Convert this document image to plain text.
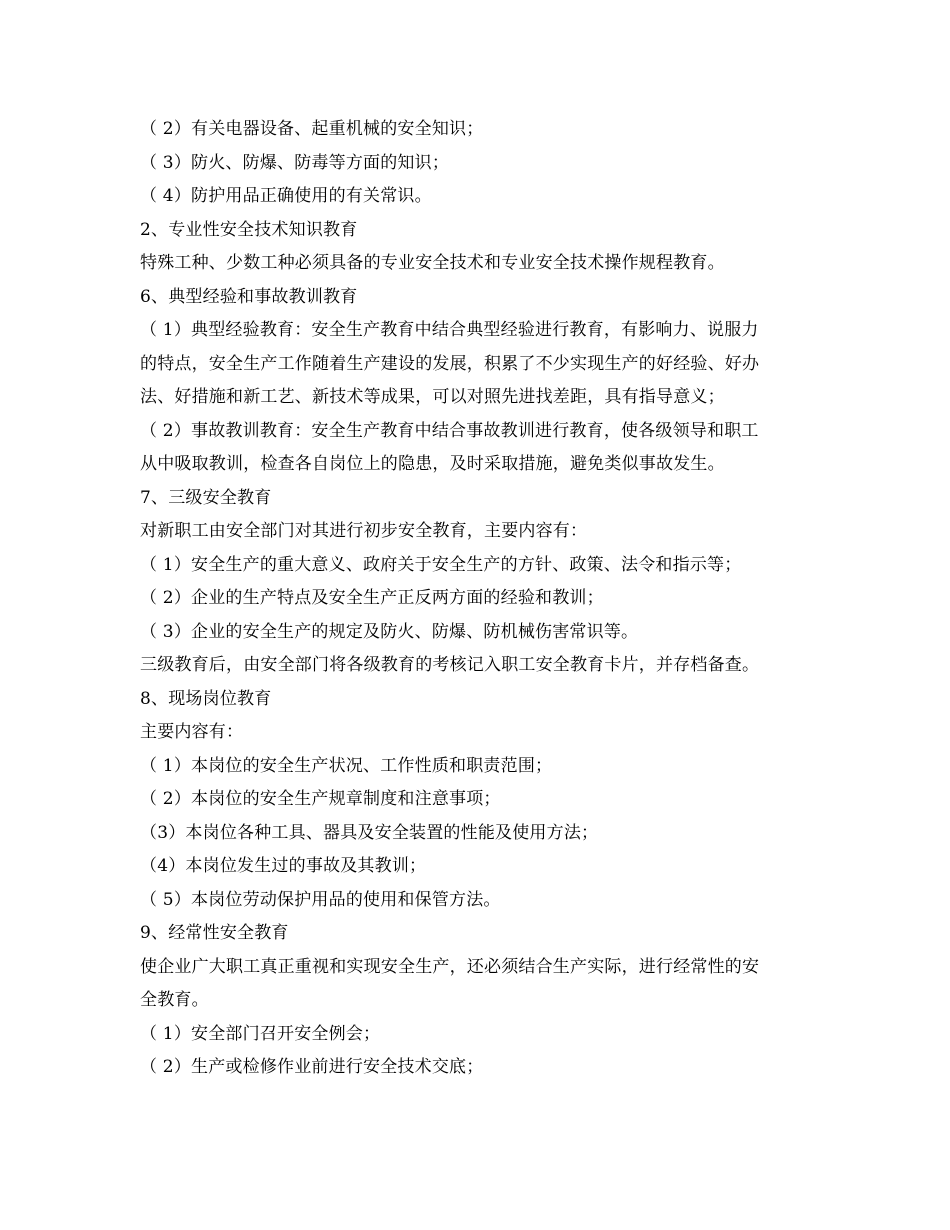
（ 2）有关电器设备、起重机械的安全知识；
（ 3）防火、防爆、防毒等方面的知识；
（ 4）防护用品正确使用的有关常识。
2、专业性安全技术知识教育
特殊工种、少数工种必须具备的专业安全技术和专业安全技术操作规程教育。
6、典型经验和事故教训教育
（ 1）典型经验教育：安全生产教育中结合典型经验进行教育，有影响力、说服力
的特点，安全生产工作随着生产建设的发展，积累了不少实现生产的好经验、好办
法、好措施和新工艺、新技术等成果，可以对照先进找差距，具有指导意义；
（ 2）事故教训教育：安全生产教育中结合事故教训进行教育，使各级领导和职工
从中吸取教训，检查各自岗位上的隐患，及时采取措施，避免类似事故发生。
7、三级安全教育
对新职工由安全部门对其进行初步安全教育，主要内容有：
（ 1）安全生产的重大意义、政府关于安全生产的方针、政策、法令和指示等；
（ 2）企业的生产特点及安全生产正反两方面的经验和教训；
（ 3）企业的安全生产的规定及防火、防爆、防机械伤害常识等。
三级教育后，由安全部门将各级教育的考核记入职工安全教育卡片，并存档备查。
8、现场岗位教育
主要内容有：
（ 1）本岗位的安全生产状况、工作性质和职责范围；
（ 2）本岗位的安全生产规章制度和注意事项；
（3）本岗位各种工具、器具及安全装置的性能及使用方法；
（4）本岗位发生过的事故及其教训；
（ 5）本岗位劳动保护用品的使用和保管方法。
9、经常性安全教育
使企业广大职工真正重视和实现安全生产，还必须结合生产实际，进行经常性的安
全教育。
（ 1）安全部门召开安全例会；
（ 2）生产或检修作业前进行安全技术交底；
